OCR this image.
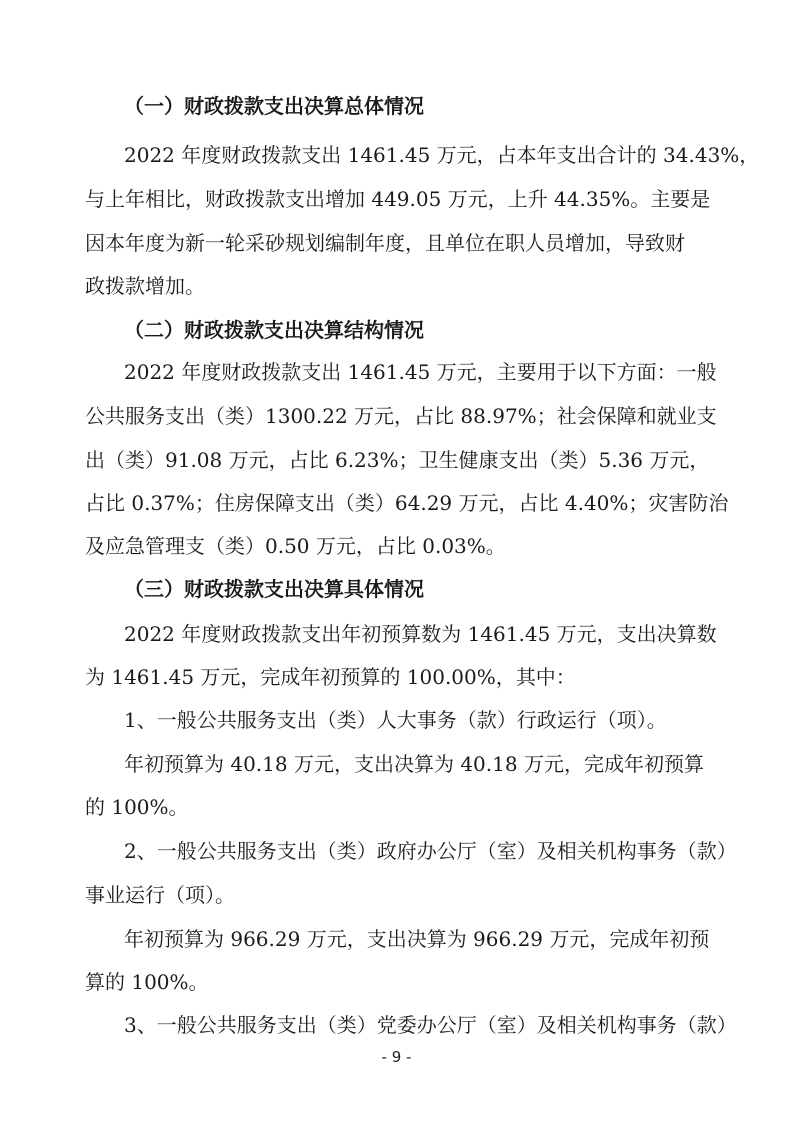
（一）财政拨款支出决算总体情况
2022 年度财政拨款支出 1461.45 万元，占本年支出合计的 34.43%，
与上年相比，财政拨款支出增加 449.05 万元，上升 44.35%。主要是
因本年度为新一轮采砂规划编制年度，且单位在职人员增加，导致财
政拨款增加。
（二）财政拨款支出决算结构情况
2022 年度财政拨款支出 1461.45 万元，主要用于以下方面：一般
公共服务支出（类）1300.22 万元，占比 88.97%；社会保障和就业支
出（类）91.08 万元，占比 6.23%；卫生健康支出（类）5.36 万元，
占比 0.37%；住房保障支出（类）64.29 万元，占比 4.40%；灾害防治
及应急管理支（类）0.50 万元，占比 0.03%。
（三）财政拨款支出决算具体情况
2022 年度财政拨款支出年初预算数为 1461.45 万元，支出决算数
为 1461.45 万元，完成年初预算的 100.00%，其中：
1、一般公共服务支出（类）人大事务（款）行政运行（项）。
年初预算为 40.18 万元，支出决算为 40.18 万元，完成年初预算
的 100%。
2、一般公共服务支出（类）政府办公厅（室）及相关机构事务（款）
事业运行（项）。
年初预算为 966.29 万元，支出决算为 966.29 万元，完成年初预
算的 100%。
3、一般公共服务支出（类）党委办公厅（室）及相关机构事务（款）
- 9 -
